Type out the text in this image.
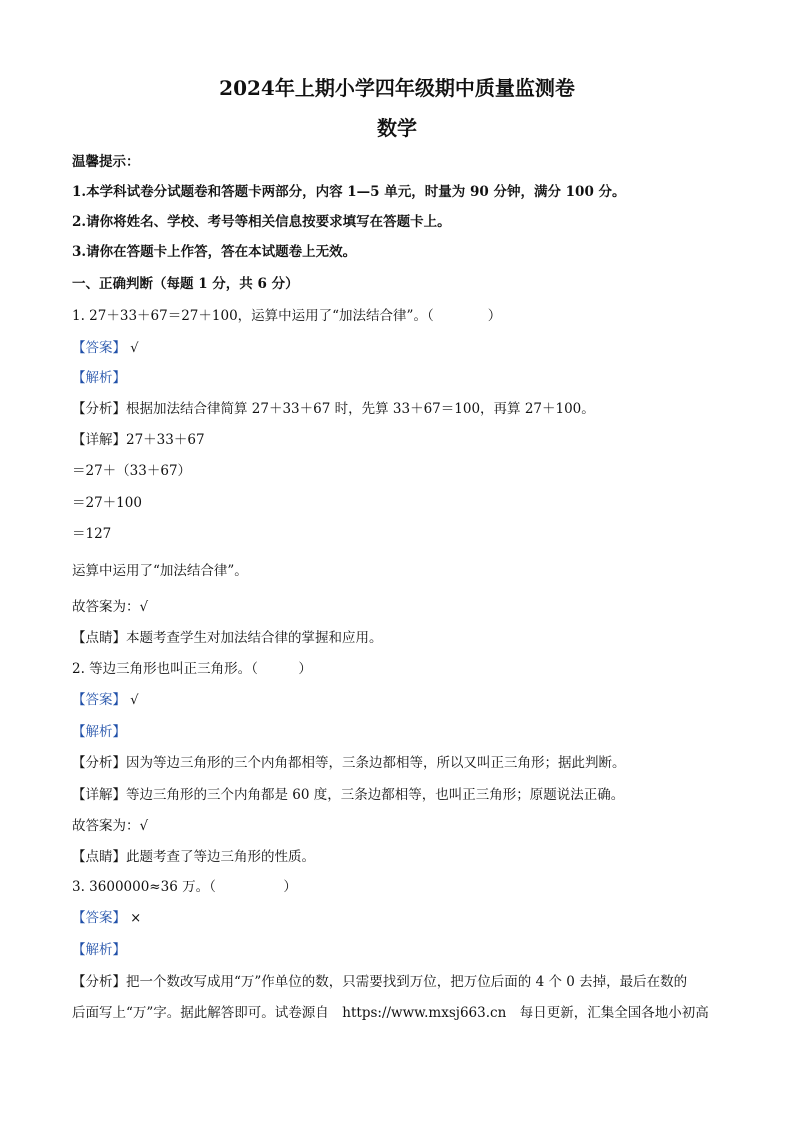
2024年上期小学四年级期中质量监测卷
数学
温馨提示：
1.本学科试卷分试题卷和答题卡两部分，内容 1—5 单元，时量为 90 分钟，满分 100 分。
2.请你将姓名、学校、考号等相关信息按要求填写在答题卡上。
3.请你在答题卡上作答，答在本试题卷上无效。
一、正确判断（每题 1 分，共 6 分）
1. 27＋33＋67＝27＋100，运算中运用了“加法结合律”。（　　　　）
【答案】 √
【解析】
【分析】根据加法结合律简算 27＋33＋67 时，先算 33＋67＝100，再算 27＋100。
【详解】27＋33＋67
＝27＋（33＋67）
＝27＋100
＝127
运算中运用了“加法结合律”。
故答案为：√
【点睛】本题考查学生对加法结合律的掌握和应用。
2. 等边三角形也叫正三角形。（　　　）
【答案】 √
【解析】
【分析】因为等边三角形的三个内角都相等，三条边都相等，所以又叫正三角形；据此判断。
【详解】等边三角形的三个内角都是 60 度，三条边都相等，也叫正三角形；原题说法正确。
故答案为：√
【点睛】此题考查了等边三角形的性质。
3. 3600000≈36 万。（　　　　　）
【答案】 ×
【解析】
【分析】把一个数改写成用“万”作单位的数，只需要找到万位，把万位后面的 4 个 0 去掉，最后在数的
后面写上“万”字。据此解答即可。试卷源自　https://www.mxsj663.cn　每日更新，汇集全国各地小初高
